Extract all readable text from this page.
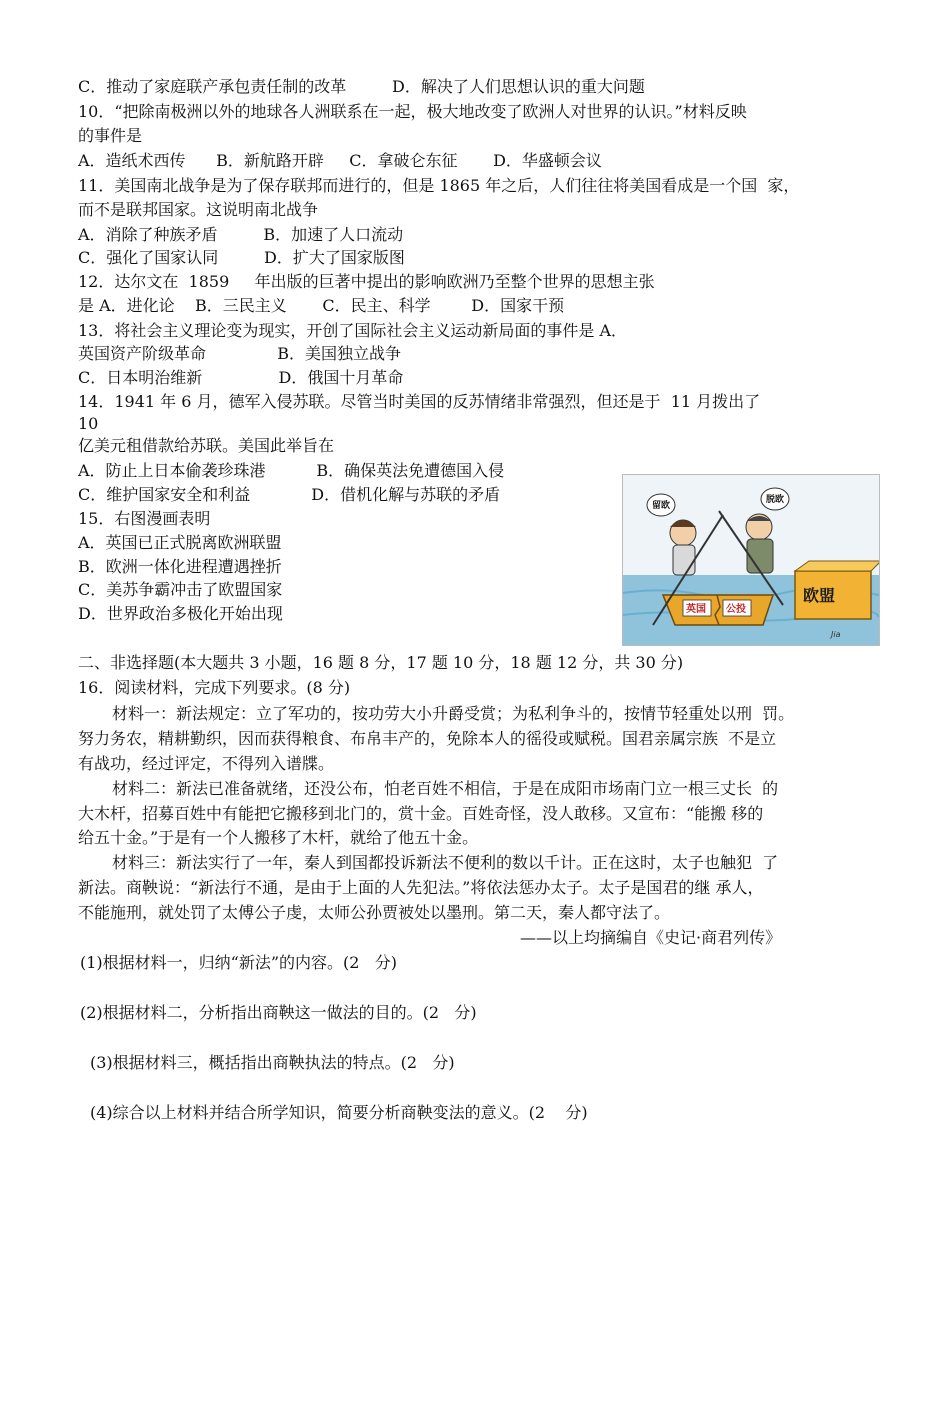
C．推动了家庭联产承包责任制的改革         D．解决了人们思想认识的重大问题
10．“把除南极洲以外的地球各人洲联系在一起，极大地改变了欧洲人对世界的认识。”材料反映
的事件是
A．造纸术西传      B．新航路开辟     C．拿破仑东征       D．华盛顿会议
11．美国南北战争是为了保存联邦而进行的，但是 1865 年之后，人们往往将美国看成是一个国  家，
而不是联邦国家。这说明南北战争
A．消除了种族矛盾         B．加速了人口流动
C．强化了国家认同         D．扩大了国家版图
12．达尔文在  1859     年出版的巨著中提出的影响欧洲乃至整个世界的思想主张
是 A．进化论    B．三民主义       C．民主、科学        D．国家干预
13．将社会主义理论变为现实，开创了国际社会主义运动新局面的事件是 A．
英国资产阶级革命              B．美国独立战争
C．日本明治维新               D．俄国十月革命
14．1941 年 6 月，德军入侵苏联。尽管当时美国的反苏情绪非常强烈，但还是于  11 月拨出了
10
亿美元租借款给苏联。美国此举旨在
A．防止上日本偷袭珍珠港          B．确保英法免遭德国入侵
C．维护国家安全和利益            D．借机化解与苏联的矛盾
15．右图漫画表明
A．英国已正式脱离欧洲联盟
B．欧洲一体化进程遭遇挫折
C．美苏争霸冲击了欧盟国家
D．世界政治多极化开始出现
欧盟
英国 公投
留欧
脱欧
Jia
二、非选择题(本大题共 3 小题，16 题 8 分，17 题 10 分，18 题 12 分，共 30 分)
16．阅读材料，完成下列要求。(8 分)
材料一：新法规定：立了军功的，按功劳大小升爵受赏；为私利争斗的，按情节轻重处以刑  罚。
努力务农，精耕勤织，因而获得粮食、布帛丰产的，免除本人的徭役或赋税。国君亲属宗族  不是立
有战功，经过评定，不得列入谱牒。
材料二：新法已准备就绪，还没公布，怕老百姓不相信，于是在成阳市场南门立一根三丈长  的
大木杆，招募百姓中有能把它搬移到北门的，赏十金。百姓奇怪，没人敢移。又宣布：“能搬 移的
给五十金。”于是有一个人搬移了木杆，就给了他五十金。
材料三：新法实行了一年，秦人到国都投诉新法不便利的数以千计。正在这时，太子也触犯  了
新法。商鞅说：“新法行不通，是由于上面的人先犯法。”将依法惩办太子。太子是国君的继 承人，
不能施刑，就处罚了太傅公子虔，太师公孙贾被处以墨刑。第二天，秦人都守法了。
——以上均摘编自《史记·商君列传》
(1)根据材料一，归纳“新法”的内容。(2   分)
(2)根据材料二，分析指出商鞅这一做法的目的。(2   分)
(3)根据材料三，概括指出商鞅执法的特点。(2   分)
(4)综合以上材料并结合所学知识，简要分析商鞅变法的意义。(2    分)
